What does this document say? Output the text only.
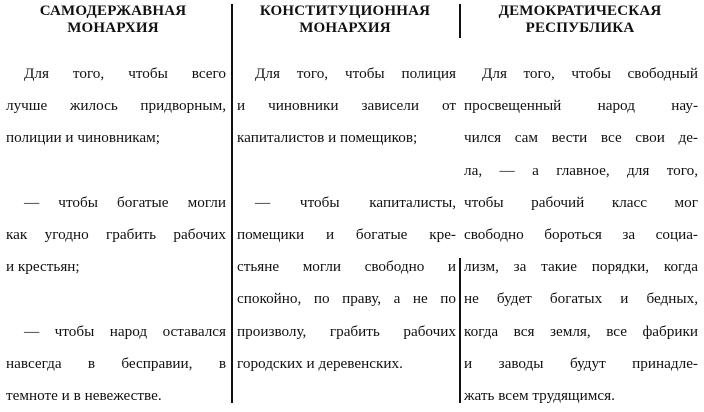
САМОДЕРЖАВНАЯ
МОНАРХИЯ
Для того, чтобы всего
лучше жилось придворным,
полиции и чиновникам;

— чтобы богатые могли
как угодно грабить рабочих
и крестьян;

— чтобы народ оставался
навсегда в бесправии, в
темноте и в невежестве.
КОНСТИТУЦИОННАЯ
МОНАРХИЯ
Для того, чтобы полиция
и чиновники зависели от
капиталистов и помещиков;

— чтобы капиталисты,
помещики и богатые кре-
стьяне могли свободно и
спокойно, по праву, а не по
произволу, грабить рабочих
городских и деревенских.
ДЕМОКРАТИЧЕСКАЯ
РЕСПУБЛИКА
Для того, чтобы свободный
просвещенный народ нау-
чился сам вести все свои де-
ла, — а главное, для того,
чтобы рабочий класс мог
свободно бороться за социа-
лизм, за такие порядки, когда
не будет богатых и бедных,
когда вся земля, все фабрики
и заводы будут принадле-
жать всем трудящимся.
